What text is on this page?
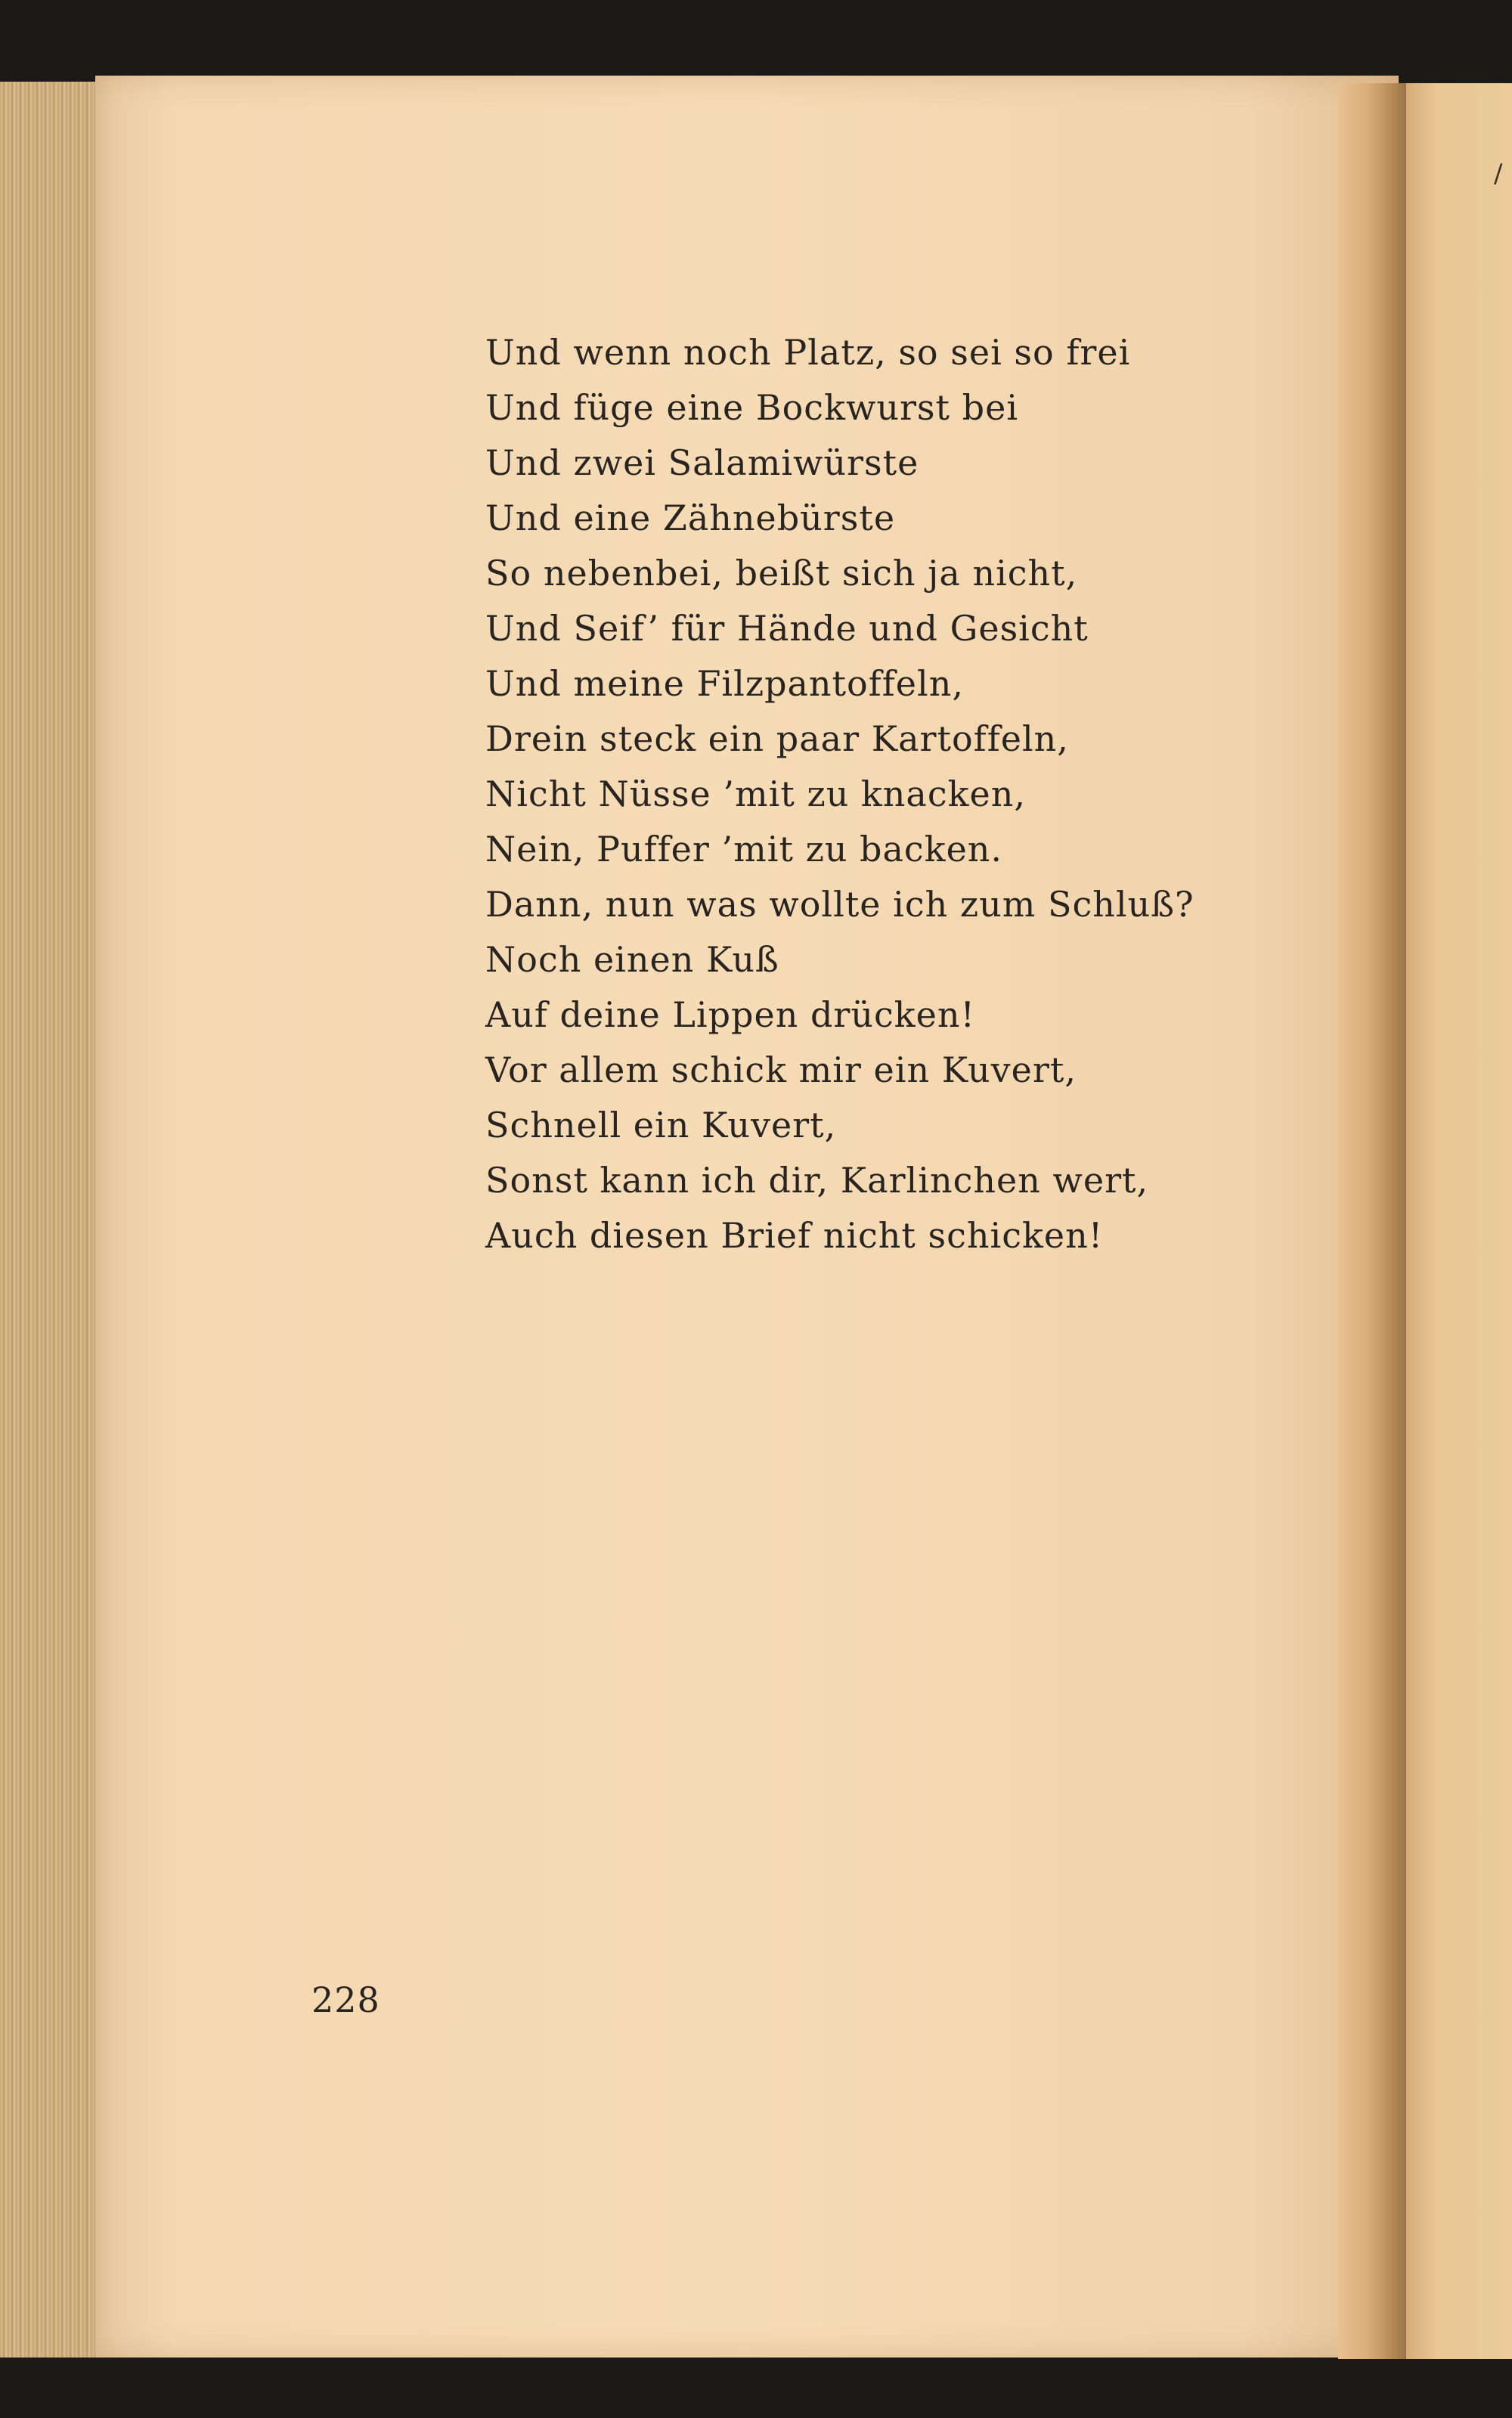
/
Und wenn noch Platz, so sei so frei
Und füge eine Bockwurst bei
Und zwei Salamiwürste
Und eine Zähnebürste
So nebenbei, beißt sich ja nicht,
Und Seif’ für Hände und Gesicht
Und meine Filzpantoffeln,
Drein steck ein paar Kartoffeln,
Nicht Nüsse ’mit zu knacken,
Nein, Puffer ’mit zu backen.
Dann, nun was wollte ich zum Schluß?
Noch einen Kuß
Auf deine Lippen drücken!
Vor allem schick mir ein Kuvert,
Schnell ein Kuvert,
Sonst kann ich dir, Karlinchen wert,
Auch diesen Brief nicht schicken!
228
